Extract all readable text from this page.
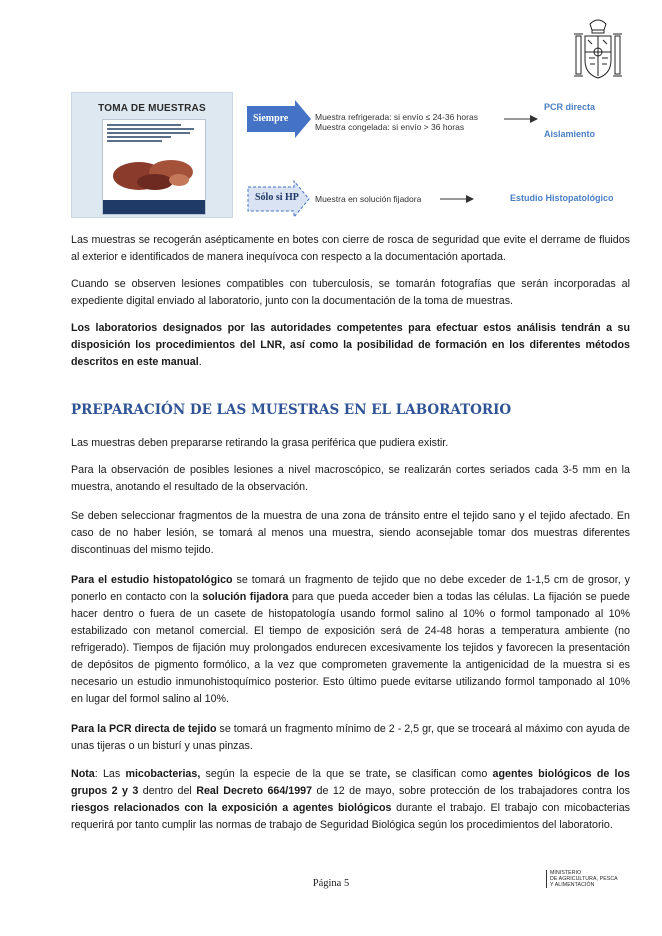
TOMA DE MUESTRAS
Siempre	Muestra refrigerada: si envío ≤ 24-36 horas
Muestra congelada: si envío > 36 horas
PCR directa
Aislamiento
Sólo si HP Muestra en solución fijadora	Estudio Histopatológico

Las muestras se recogerán asépticamente en botes con cierre de rosca de seguridad que evite el derrame de fluidos al exterior e identificados de manera inequívoca con respecto a la documentación aportada.

Cuando se observen lesiones compatibles con tuberculosis, se tomarán fotografías que serán incorporadas al expediente digital enviado al laboratorio, junto con la documentación de la toma de muestras.

Los laboratorios designados por las autoridades competentes para efectuar estos análisis tendrán a su disposición los procedimientos del LNR, así como la posibilidad de formación en los diferentes métodos descritos en este manual.

PREPARACIÓN DE LAS MUESTRAS EN EL LABORATORIO

Las muestras deben prepararse retirando la grasa periférica que pudiera existir.

Para la observación de posibles lesiones a nivel macroscópico, se realizarán cortes seriados cada 3-5 mm en la muestra, anotando el resultado de la observación.

Se deben seleccionar fragmentos de la muestra de una zona de tránsito entre el tejido sano y el tejido afectado. En caso de no haber lesión, se tomará al menos una muestra, siendo aconsejable tomar dos muestras diferentes discontinuas del mismo tejido.

Para el estudio histopatológico se tomará un fragmento de tejido que no debe exceder de 1-1,5 cm de grosor, y ponerlo en contacto con la solución fijadora para que pueda acceder bien a todas las células. La fijación se puede hacer dentro o fuera de un casete de histopatología usando formol salino al 10% o formol tamponado al 10% estabilizado con metanol comercial. El tiempo de exposición será de 24-48 horas a temperatura ambiente (no refrigerado). Tiempos de fijación muy prolongados endurecen excesivamente los tejidos y favorecen la presentación de depósitos de pigmento formólico, a la vez que comprometen gravemente la antigenicidad de la muestra si es necesario un estudio inmunohistoquímico posterior. Esto último puede evitarse utilizando formol tamponado al 10% en lugar del formol salino al 10%.

Para la PCR directa de tejido se tomará un fragmento mínimo de 2 - 2,5 gr, que se troceará al máximo con ayuda de unas tijeras o un bisturí y unas pinzas.

Nota: Las micobacterias, según la especie de la que se trate, se clasifican como agentes biológicos de los grupos 2 y 3 dentro del Real Decreto 664/1997 de 12 de mayo, sobre protección de los trabajadores contra los riesgos relacionados con la exposición a agentes biológicos durante el trabajo. El trabajo con micobacterias requerirá por tanto cumplir las normas de trabajo de Seguridad Biológica según los procedimientos del laboratorio.

Página 5
MINISTERIO
DE AGRICULTURA, PESCA
Y ALIMENTACIÓN
